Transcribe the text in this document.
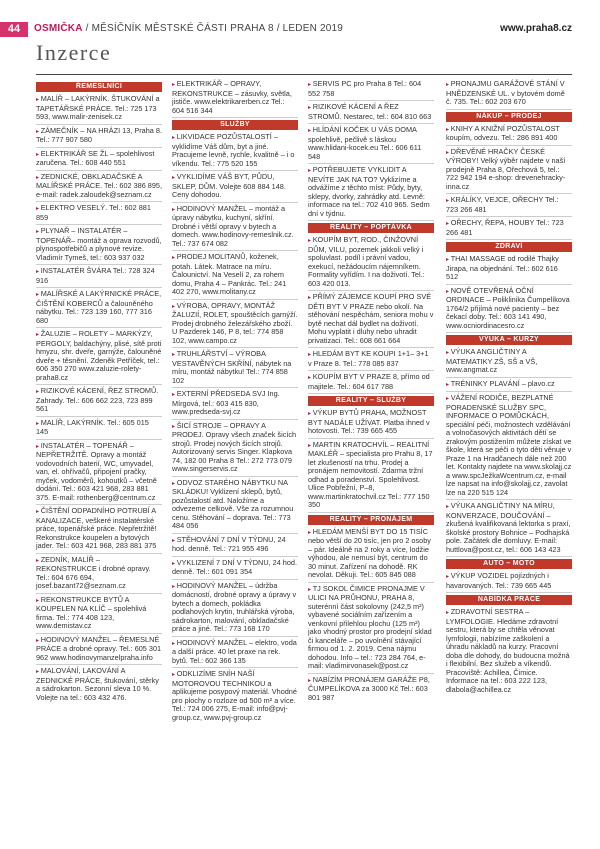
44	OSMIČKA / MĚSÍČNÍK MĚSTSKÉ ČÁSTI PRAHA 8 / LEDEN 2019	www.praha8.cz
Inzerce
ŘEMESLNÍCI
▸ MALÍŘ – LAKÝRNÍK. ŠTUKOVÁNÍ a TAPETÁŘSKÉ PRÁCE. Tel.: 725 173 593, www.malir-zenisek.cz
▸ ZÁMEČNÍK – NA HRÁZI 13, Praha 8. Tel.: 777 907 580
▸ ELEKTRIKÁŘ SE ŽL – spolehlivost zaručena. Tel.: 608 440 551
▸ ZEDNICKÉ, OBKLADAČSKÉ A MALÍŘSKÉ PRÁCE. Tel.: 602 386 895, e-mail: radek.zaloudek@seznam.cz
▸ ELEKTRO VESELÝ. Tel.: 602 881 859
▸ PLYNAŘ – INSTALATÉR – TOPENÁŘ– montáž a oprava rozvodů, plynospotřebičů a plynové revize. Vladimír Tymeš, tel.: 603 937 032
▸ INSTALATÉR ŠVÁRA Tel.: 728 324 916
▸ MALÍŘSKÉ A LAKÝRNICKÉ PRÁCE, ČIŠTĚNÍ KOBERCŮ a čalouněného nábytku. Tel.: 723 139 160, 777 316 680
▸ ŽALUZIE – ROLETY – MARKÝZY, PERGOLY, baldachýny, plisé, sítě proti hmyzu, shr. dveře, garnýže, čalouněné dveře + těsnění. Zdeněk Petříček, tel.: 606 350 270 www.zaluzie-rolety-praha8.cz
▸ RIZIKOVÉ KÁCENÍ, ŘEZ STROMŮ. Zahrady. Tel.: 606 662 223, 723 899 561
▸ MALÍŘ, LAKÝRNÍK. Tel.: 605 015 145
▸ INSTALATÉR – TOPENÁŘ – NEPŘETRŽITĚ. Opravy a montáž vodovodních baterií, WC, umyvadel, van, el. ohřívačů, připojení pračky, myček, vodoměrů, kohoutků – včetně dodání. Tel.: 603 421 968, 283 881 375. E-mail: rothenberg@centrum.cz
▸ ČIŠTĚNÍ ODPADNÍHO POTRUBÍ A KANALIZACE, veškeré instalatérské práce, topenářské práce. Nepřetržitě! Rekonstrukce koupelen a bytových jader. Tel.: 603 421 968, 283 881 375
▸ ZEDNÍK, MALÍŘ – REKONSTRUKCE i drobné opravy. Tel.: 604 676 694, josef.bazant72@seznam.cz
▸ REKONSTRUKCE BYTŮ A KOUPELEN NA KLÍČ – spolehlivá firma. Tel.: 774 408 123, www.demistav.cz
▸ HODINOVÝ MANŽEL – ŘEMESLNÉ PRÁCE a drobné opravy. Tel.: 605 301 962 www.hodinovymanzelpraha.info
▸ MALOVÁNÍ, LAKOVÁNÍ A ZEDNICKÉ PRÁCE, štukování, stěrky a sádrokarton. Sezonní sleva 10 %. Volejte na tel.: 603 432 476.
▸ ELEKTRIKÁŘ – OPRAVY, REKONSTRUKCE – zásuvky, světla, jističe. www.elektrikarerben.cz Tel.: 604 516 344
SLUŽBY
▸ LIKVIDACE POZŮSTALOSTÍ – vyklidíme Váš dům, byt a jiné. Pracujeme levně, rychle, kvalitně – i o víkendu. Tel.: 775 520 155
▸ VYKLIDÍME VÁŠ BYT, PŮDU, SKLEP, DŮM. Volejte 608 884 148. Ceny dohodou.
▸ HODINOVÝ MANŽEL – montáž a úpravy nábytku, kuchyní, skříní. Drobné i větší opravy v bytech a domech. www.hodinovy-remeslnik.cz. Tel.: 737 674 082
▸ PRODEJ MOLITANŮ, koženek, potah. Látek. Matrace na míru. Čalounictví. Na Veselí 2, za rohem domu, Praha 4 – Pankrác. Tel.: 241 402 270, www.molitany.cz
▸ VÝROBA, OPRAVY, MONTÁŽ ŽALUZIÍ, ROLET, spouštěcích garnýží. Prodej drobného železářského zboží. U Pazderek 146, P 8, tel.: 774 858 102, www.campo.cz
▸ TRUHLÁŘSTVÍ – VÝROBA VESTAVĚNÝCH SKŘÍNÍ, nábytek na míru, montáž nábytku! Tel.: 774 858 102
▸ EXTERNÍ PŘEDSEDA SVJ Ing. Mírgová, tel.: 603 415 830, www.predseda-svj.cz
▸ ŠICÍ STROJE – OPRAVY A PRODEJ. Opravy všech značek šicích strojů. Prodej nových šicích strojů. Autorizovaný servis Singer. Klapkova 74, 182 00 Praha 8 Tel.: 272 773 079 www.singerservis.cz
▸ ODVOZ STARÉHO NÁBYTKU NA SKLÁDKU! Vyklizení sklepů, bytů, pozůstalostí atd. Naložíme a odvezeme celkově. Vše za rozumnou cenu. Stěhování – doprava. Tel.: 773 484 056
▸ STĚHOVÁNÍ 7 DNÍ V TÝDNU, 24 hod. denně. Tel.: 721 955 496
▸ VYKLIZENÍ 7 DNÍ V TÝDNU, 24 hod. denně. Tel.: 601 091 354
▸ HODINOVÝ MANŽEL – údržba domácností, drobné opravy a úpravy v bytech a domech, pokládka podlahových krytin, truhlářská výroba, sádrokarton, malování, obkladačské práce a jiné. Tel.: 773 168 170
▸ HODINOVÝ MANŽEL – elektro, voda a další práce. 40 let praxe na rek. bytů. Tel.: 602 366 135
▸ ODKLIZÍME SNÍH NAŠÍ MOTOROVOU TECHNIKOU a aplikujeme posypový materiál. Vhodné pro plochy o rozloze od 500 m² a více. Tel.: 724 006 275, E-mail: info@pvj-group.cz, www.pvj-group.cz
▸ SERVIS PC pro Praha 8 Tel.: 604 552 758
▸ RIZIKOVÉ KÁCENÍ A ŘEZ STROMŮ. Nestarec, tel.: 604 810 663
▸ HLÍDÁNÍ KOČEK U VÁS DOMA spolehlivě, pečlivě s láskou www.hlidani-kocek.eu Tel.: 606 611 548
▸ POTŘEBUJETE VYKLIDIT A NEVÍTE JAK NA TO? Vyklizíme a odvážíme z těchto míst: Půdy, byty, sklepy, dvorky, zahrádky atd. Levně: informace na tel.: 702 410 965. Sedm dní v týdnu.
REALITY – POPTÁVKA
▸ KOUPÍM BYT, ROD., ČINŽOVNÍ DŮM, VILU, pozemek jakkoli velký i spoluvlast. podíl i právní vadou, exekucí, nežádoucím nájemníkem. Formality vyřídím. I na doživotí. Tel.: 603 420 013.
▸ PŘÍMÝ ZÁJEMCE KOUPÍ PRO SVÉ DĚTI BYT V PRAZE nebo okolí. Na stěhování nespěchám, seniora mohu v bytě nechat dál bydlet na doživotí. Mohu vyplatit i dluhy nebo uhradit privatizaci. Tel.: 608 661 664
▸ HLEDÁM BYT KE KOUPI 1+1– 3+1 v Praze 8. Tel.: 778 085 837
▸ KOUPÍM BYT V PRAZE 8, přímo od majitele. Tel.: 604 617 788
REALITY – SLUŽBY
▸ VÝKUP BYTŮ PRAHA, MOŽNOST BYT NADÁLE UŽÍVAT. Platba ihned v hotovosti. Tel.: 739 665 455
▸ MARTIN KRATOCHVÍL – REALITNÍ MAKLÉŘ – specialista pro Prahu 8, 17 let zkušeností na trhu. Prodej a pronájem nemovitostí. Zdarma tržní odhad a poradenství. Spolehlivost. Ulice Pobřežní, P–8, www.martinkratochvil.cz Tel.: 777 150 350
REALITY – PRONÁJEM
▸ HLEDÁM MENŠÍ BYT DO 15 TISÍC nebo větší do 20 tisíc, jen pro 2 osoby – pár. Ideálně na 2 roky a více, lodžie výhodou, ale nemusí být, centrum do 30 minut. Zařízení na dohodě. RK nevolat. Děkuji. Tel.: 605 845 088
▸ TJ SOKOL ČIMICE PRONAJME V ULICI NA PRŮHONU, PRAHA 8, suterénní část sokolovny (242,5 m²) vybavené sociálním zařízením a venkovní přilehlou plochu (125 m²) jako vhodný prostor pro prodejní sklad či kanceláře – po uvolnění stávající firmou od 1. 2. 2019. Cena nájmu dohodou. Info – tel.: 723 284 764, e-mail: vladimirvonasek@post.cz
▸ NABÍZÍM PRONÁJEM GARÁŽE P8, ČUMPELÍKOVA za 3000 Kč Tel.: 603 801 987
▸ PRONAJMU GARÁŽOVÉ STÁNÍ V HNĚDZENSKÉ UL. v bytovém domě č. 735. Tel.: 602 203 670
NÁKUP – PRODEJ
▸ KNIHY A KNIŽNÍ POZŮSTALOST koupím, odvezu. Tel.: 286 891 400
▸ DŘEVĚNÉ HRAČKY ČESKÉ VÝROBY! Velký výběr najdete v naší prodejně Praha 8, Ořechová 5, tel.: 722 942 194 e-shop: drevenehracky-inna.cz
▸ KRÁLÍKY, VEJCE, OŘECHY Tel.: 723 266 481
▸ OŘECHY, ŘEPA, HOUBY Tel.: 723 266 481
ZDRAVÍ
▸ THAI MASSAGE od rodilé Thajky Jirapa, na objednání. Tel.: 602 616 512
▸ NOVĚ OTEVŘENÁ OČNÍ ORDINACE – Poliklinika Čumpelíkova 1764/2 přijímá nové pacienty – bez čekací doby. Tel.: 603 141 490, www.ocniordinacesro.cz
VÝUKA – KURZY
▸ VÝUKA ANGLIČTINY A MATEMATIKY ZŠ, SŠ a VŠ, www.angmat.cz
▸ TRÉNINKY PLAVÁNÍ – plavo.cz
▸ VÁŽENÍ RODIČE, BEZPLATNÉ PORADENSKÉ SLUŽBY SPC, INFORMACE O POMŮCKÁCH, speciální péči, možnostech vzdělávání a volnočasových aktivitách dětí se zrakovým postižením můžete získat ve škole, která se péči o tyto děti věnuje v Praze 1 na Hradčanech dále než 200 let. Kontakty najdete na www.skolajj.cz a www.spcJežkaWcentrum.cz, e-mail lze napsat na info@skolajj.cz, zavolat lze na 220 515 124
▸ VÝUKA ANGLIČTINY NA MÍRU, KONVERZACE, DOUČOVÁNÍ – zkušená kvalifikovaná lektorka s praxí, školské prostory Bohnice – Podhajská pole. Začátek dle domluvy. E-mail: huttlova@post.cz, tel.: 606 143 423
AUTO – MOTO
▸ VÝKUP VOZIDEL pojízdných i havarovaných. Tel.: 739 665 445
NABÍDKA PRÁCE
▸ ZDRAVOTNÍ SESTRA – LYMFOLOGIE. Hledáme zdravotní sestru, která by se chtěla věnovat lymfologii, nabízíme zaškolení a úhradu nákladů na kurzy. Pracovní doba dle dohody, do budoucna možná i flexibilní. Bez služeb a víkendů. Pracoviště: Achillea, Čimice. Informace na tel.: 603 222 123, dlabola@achillea.cz
